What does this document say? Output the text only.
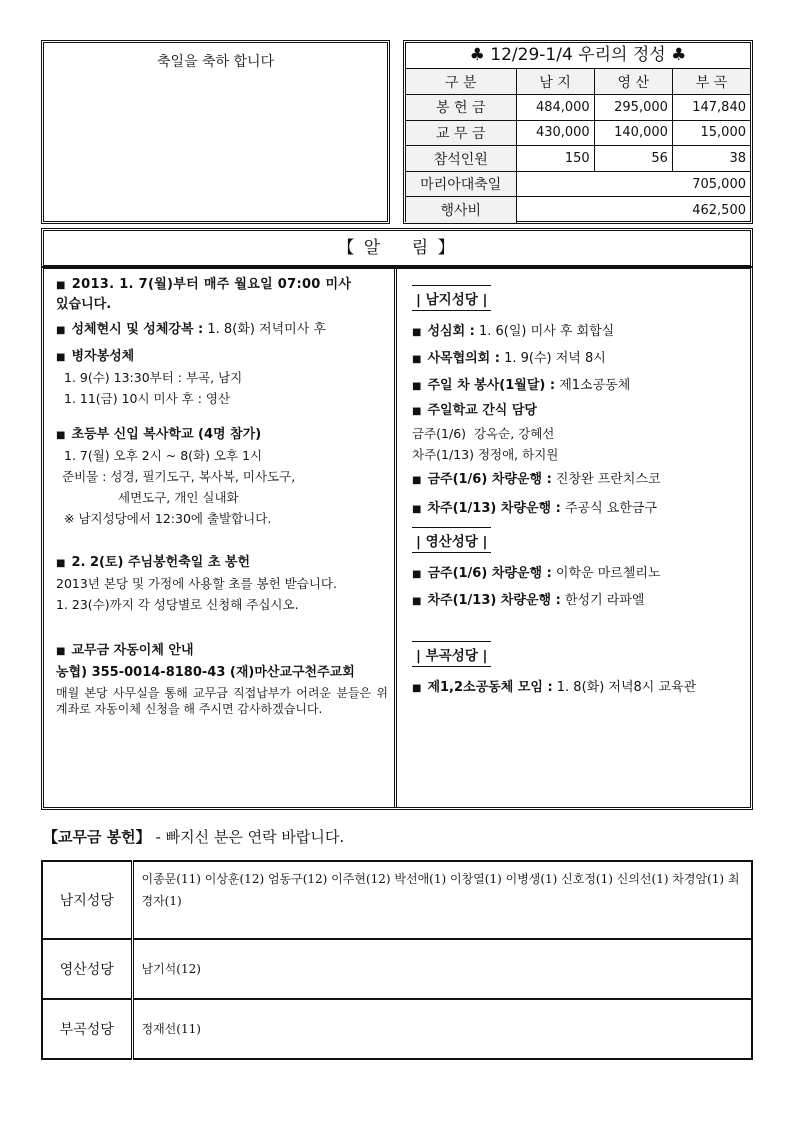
축일을 축하 합니다	♣ 12/29-1/4 우리의 정성 ♣
구 분	남 지	영 산	부 곡
봉 헌 금	484,000	295,000	147,840
교 무 금	430,000	140,000	15,000
참석인원	150	56	38
마리아대축일	705,000		
행사비	462,500		
【 알    림 】
■ 2013. 1. 7(월)부터 매주 월요일 07:00 미사
있습니다.
■ 성체현시 및 성체강복 : 1. 8(화) 저녁미사 후
■ 병자봉성체
1. 9(수) 13:30부터 : 부곡, 남지
1. 11(금) 10시 미사 후 : 영산
■ 초등부 신입 복사학교 (4명 참가)
1. 7(월) 오후 2시 ~ 8(화) 오후 1시
준비물 : 성경, 필기도구, 복사복, 미사도구,
세면도구, 개인 실내화
※ 남지성당에서 12:30에 출발합니다.
■ 2. 2(토) 주님봉헌축일 초 봉헌
2013년 본당 및 가정에 사용할 초를 봉헌 받습니다.
1. 23(수)까지 각 성당별로 신청해 주십시오.
■ 교무금 자동이체 안내
농협) 355-0014-8180-43 (재)마산교구천주교회
매월 본당 사무실을 통해 교무금 직접납부가 어려운 분들은 위 계좌로 자동이체 신청을 해 주시면 감사하겠습니다.
| 남지성당 |
■ 성심회 : 1. 6(일) 미사 후 회합실
■ 사목협의회 : 1. 9(수) 저녁 8시
■ 주일 차 봉사(1월달) : 제1소공동체
■ 주일학교 간식 담당
금주(1/6)  강옥순, 강혜선
차주(1/13) 정정애, 하지원
■ 금주(1/6) 차량운행 : 진창완 프란치스코
■ 차주(1/13) 차량운행 : 주공식 요한금구
| 영산성당 |
■ 금주(1/6) 차량운행 : 이학운 마르첼리노
■ 차주(1/13) 차량운행 : 한성기 라파엘
| 부곡성당 |
■ 제1,2소공동체 모임 : 1. 8(화) 저녁8시 교육관
【교무금 봉헌】 - 빠지신 분은 연락 바랍니다.
남지성당	이종문(11) 이상훈(12) 엄동구(12) 이주현(12) 박선애(1) 이창열(1) 이병생(1) 신호정(1) 신의선(1) 차경암(1) 최경자(1)
영산성당	남기석(12)
부곡성당	정재선(11)
